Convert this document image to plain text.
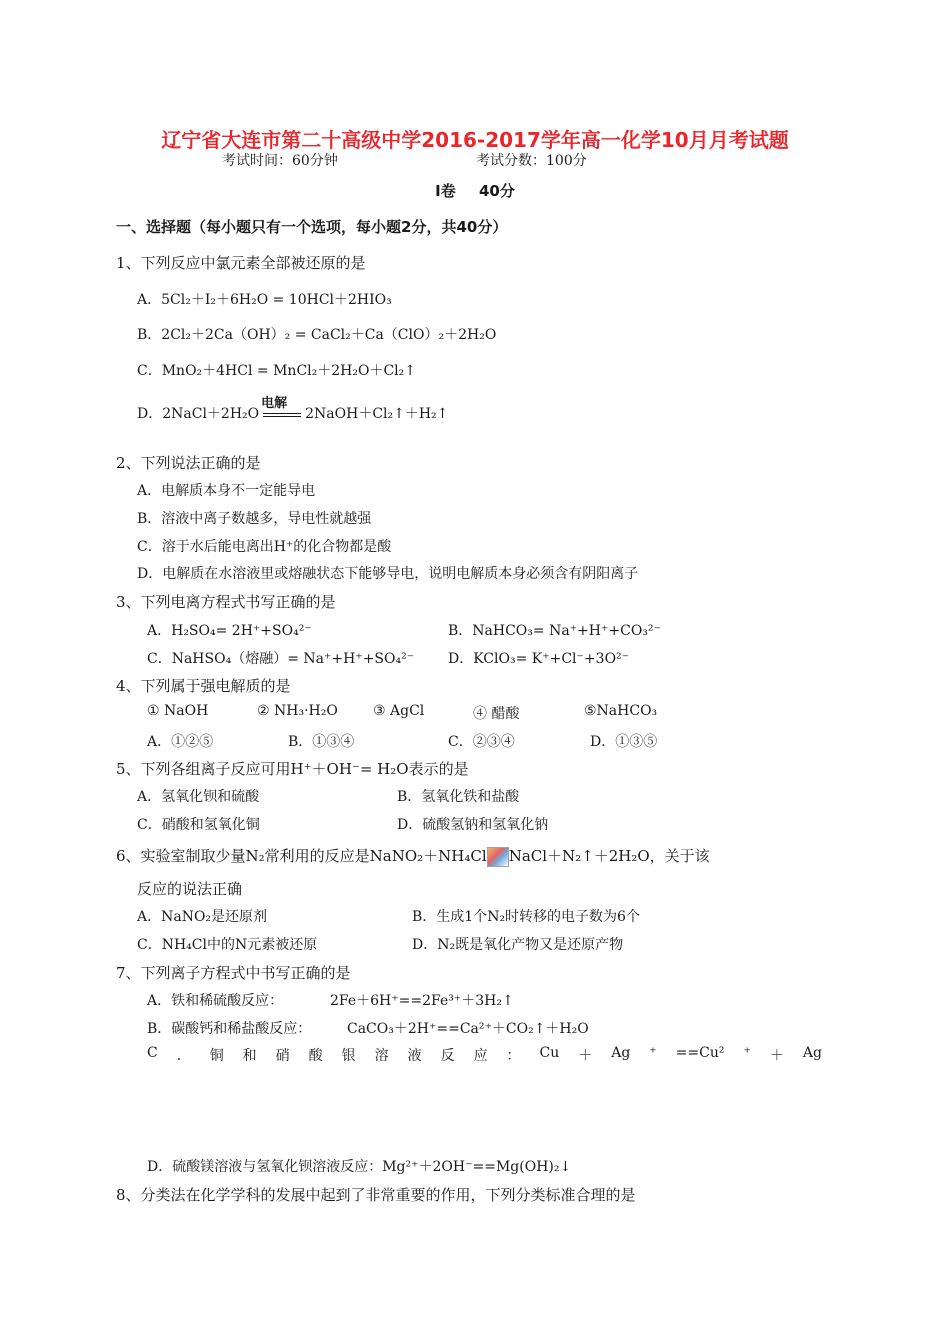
辽宁省大连市第二十高级中学2016-2017学年高一化学10月月考试题
考试时间：60分钟	考试分数：100分
Ⅰ卷 40分
一、选择题（每小题只有一个选项，每小题2分，共40分）
1、下列反应中氯元素全部被还原的是
A．5Cl₂＋I₂＋6H₂O = 10HCl＋2HIO₃
B．2Cl₂＋2Ca（OH）₂ = CaCl₂＋Ca（ClO）₂＋2H₂O
C．MnO₂＋4HCl = MnCl₂＋2H₂O＋Cl₂↑
D．2NaCl＋2H₂O
电解
2NaOH＋Cl₂↑＋H₂↑
2、下列说法正确的是
A．电解质本身不一定能导电
B．溶液中离子数越多，导电性就越强
C．溶于水后能电离出H⁺的化合物都是酸
D．电解质在水溶液里或熔融状态下能够导电，说明电解质本身必须含有阴阳离子
3、下列电离方程式书写正确的是
A．H₂SO₄= 2H⁺+SO₄²⁻	B．NaHCO₃= Na⁺+H⁺+CO₃²⁻
C．NaHSO₄（熔融）= Na⁺+H⁺+SO₄²⁻ D．KClO₃= K⁺+Cl⁻+3O²⁻
4、下列属于强电解质的是
① NaOH	② NH₃·H₂O	③ AgCl	④ 醋酸	⑤NaHCO₃
A．①②⑤	B．①③④	C．②③④	D．①③⑤
5、下列各组离子反应可用H⁺＋OH⁻= H₂O表示的是
A．氢氧化钡和硫酸	B．氢氧化铁和盐酸
C．硝酸和氢氧化铜	D．硫酸氢钠和氢氧化钠
6、实验室制取少量N₂常利用的反应是NaNO₂＋NH₄Cl NaCl＋N₂↑＋2H₂O，关于该
反应的说法正确
A．NaNO₂是还原剂	B．生成1个N₂时转移的电子数为6个
C．NH₄Cl中的N元素被还原	D．N₂既是氧化产物又是还原产物
7、下列离子方程式中书写正确的是
A．铁和稀硫酸反应：	2Fe＋6H⁺==2Fe³⁺＋3H₂↑
B．碳酸钙和稀盐酸反应：	CaCO₃＋2H⁺==Ca²⁺＋CO₂↑＋H₂O
C ． 铜 和 硝 酸 银 溶 液 反 应 ： Cu ＋ Ag ⁺ ==Cu² ⁺ ＋ Ag
D．硫酸镁溶液与氢氧化钡溶液反应：Mg²⁺＋2OH⁻==Mg(OH)₂↓
8、分类法在化学学科的发展中起到了非常重要的作用，下列分类标准合理的是
